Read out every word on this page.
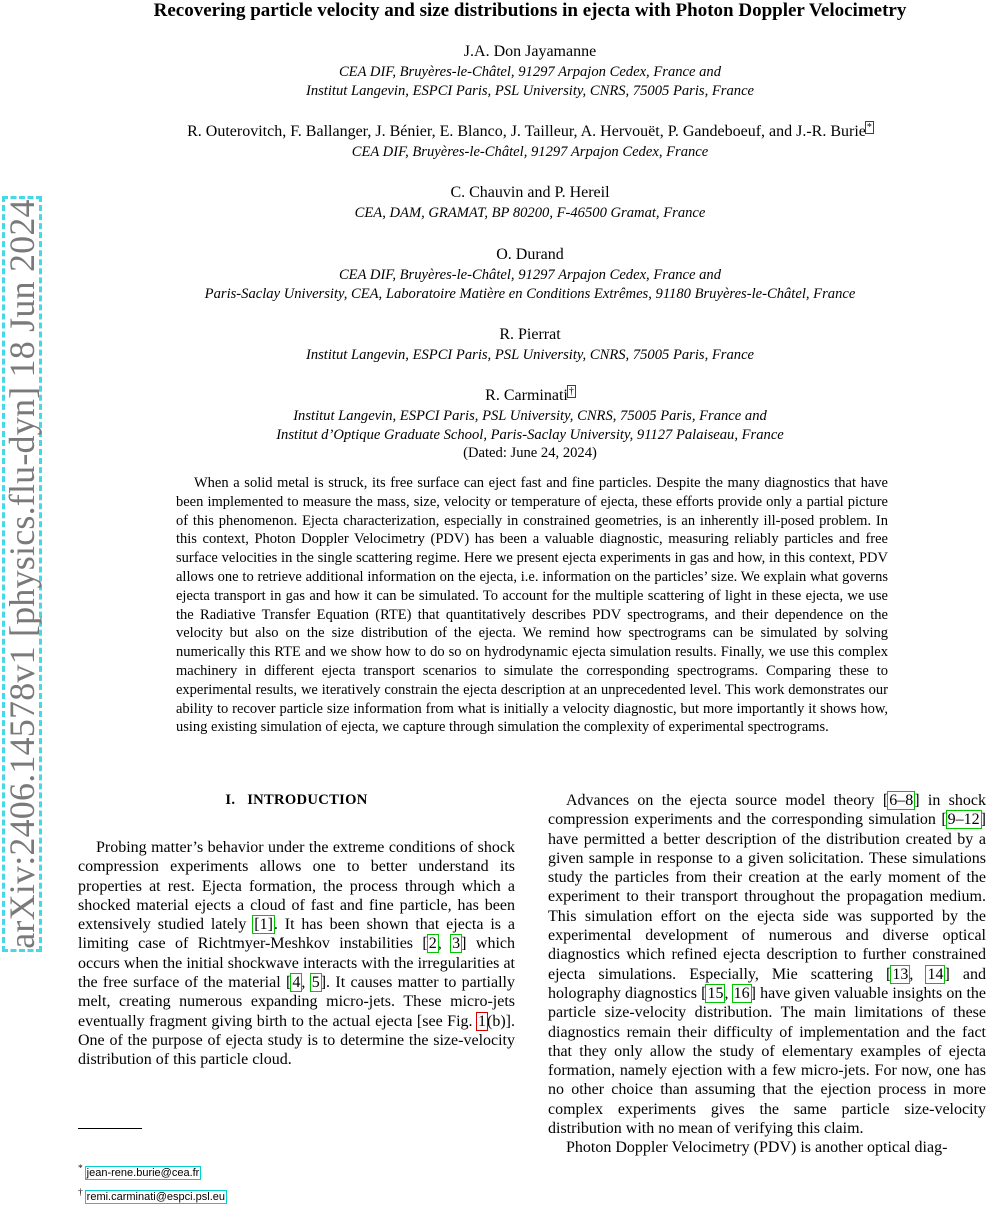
arXiv:2406.14578v1 [physics.flu-dyn] 18 Jun 2024
Recovering particle velocity and size distributions in ejecta with Photon Doppler Velocimetry
J.A. Don Jayamanne
CEA DIF, Bruyères-le-Châtel, 91297 Arpajon Cedex, France and
Institut Langevin, ESPCI Paris, PSL University, CNRS, 75005 Paris, France
R. Outerovitch, F. Ballanger, J. Bénier, E. Blanco, J. Tailleur, A. Hervouët, P. Gandeboeuf, and J.-R. Burie*
CEA DIF, Bruyères-le-Châtel, 91297 Arpajon Cedex, France
C. Chauvin and P. Hereil
CEA, DAM, GRAMAT, BP 80200, F-46500 Gramat, France
O. Durand
CEA DIF, Bruyères-le-Châtel, 91297 Arpajon Cedex, France and
Paris-Saclay University, CEA, Laboratoire Matière en Conditions Extrêmes, 91180 Bruyères-le-Châtel, France
R. Pierrat
Institut Langevin, ESPCI Paris, PSL University, CNRS, 75005 Paris, France
R. Carminati†
Institut Langevin, ESPCI Paris, PSL University, CNRS, 75005 Paris, France and
Institut d’Optique Graduate School, Paris-Saclay University, 91127 Palaiseau, France
(Dated: June 24, 2024)

When a solid metal is struck, its free surface can eject fast and fine particles. Despite the many diagnostics that have been implemented to measure the mass, size, velocity or temperature of ejecta, these efforts provide only a partial picture of this phenomenon. Ejecta characterization, especially in constrained geometries, is an inherently ill-posed problem. In this context, Photon Doppler Velocimetry (PDV) has been a valuable diagnostic, measuring reliably particles and free surface velocities in the single scattering regime. Here we present ejecta experiments in gas and how, in this context, PDV allows one to retrieve additional information on the ejecta, i.e. information on the particles’ size. We explain what governs ejecta transport in gas and how it can be simulated. To account for the multiple scattering of light in these ejecta, we use the Radiative Transfer Equation (RTE) that quantitatively describes PDV spectrograms, and their dependence on the velocity but also on the size distribution of the ejecta. We remind how spectrograms can be simulated by solving numerically this RTE and we show how to do so on hydrodynamic ejecta simulation results. Finally, we use this complex machinery in different ejecta transport scenarios to simulate the corresponding spectrograms. Comparing these to experimental results, we iteratively constrain the ejecta description at an unprecedented level. This work demonstrates our ability to recover particle size information from what is initially a velocity diagnostic, but more importantly it shows how, using existing simulation of ejecta, we capture through simulation the complexity of experimental spectrograms.

I. INTRODUCTION

Probing matter’s behavior under the extreme conditions of shock compression experiments allows one to better understand its properties at rest. Ejecta formation, the process through which a shocked material ejects a cloud of fast and fine particle, has been extensively studied lately [1]. It has been shown that ejecta is a limiting case of Richtmyer-Meshkov instabilities [2, 3] which occurs when the initial shockwave interacts with the irregularities at the free surface of the material [4, 5]. It causes matter to partially melt, creating numerous expanding micro-jets. These micro-jets eventually fragment giving birth to the actual ejecta [see Fig. 1(b)]. One of the purpose of ejecta study is to determine the size-velocity distribution of this particle cloud.

Advances on the ejecta source model theory [6–8] in shock compression experiments and the corresponding simulation [9–12] have permitted a better description of the distribution created by a given sample in response to a given solicitation. These simulations study the particles from their creation at the early moment of the experiment to their transport throughout the propagation medium. This simulation effort on the ejecta side was supported by the experimental development of numerous and diverse optical diagnostics which refined ejecta description to further constrained ejecta simulations. Especially, Mie scattering [13, 14] and holography diagnostics [15, 16] have given valuable insights on the particle size-velocity distribution. The main limitations of these diagnostics remain their difficulty of implementation and the fact that they only allow the study of elementary examples of ejecta formation, namely ejection with a few micro-jets. For now, one has no other choice than assuming that the ejection process in more complex experiments gives the same particle size-velocity distribution with no mean of verifying this claim.

Photon Doppler Velocimetry (PDV) is another optical diag-

* jean-rene.burie@cea.fr
† remi.carminati@espci.psl.eu
